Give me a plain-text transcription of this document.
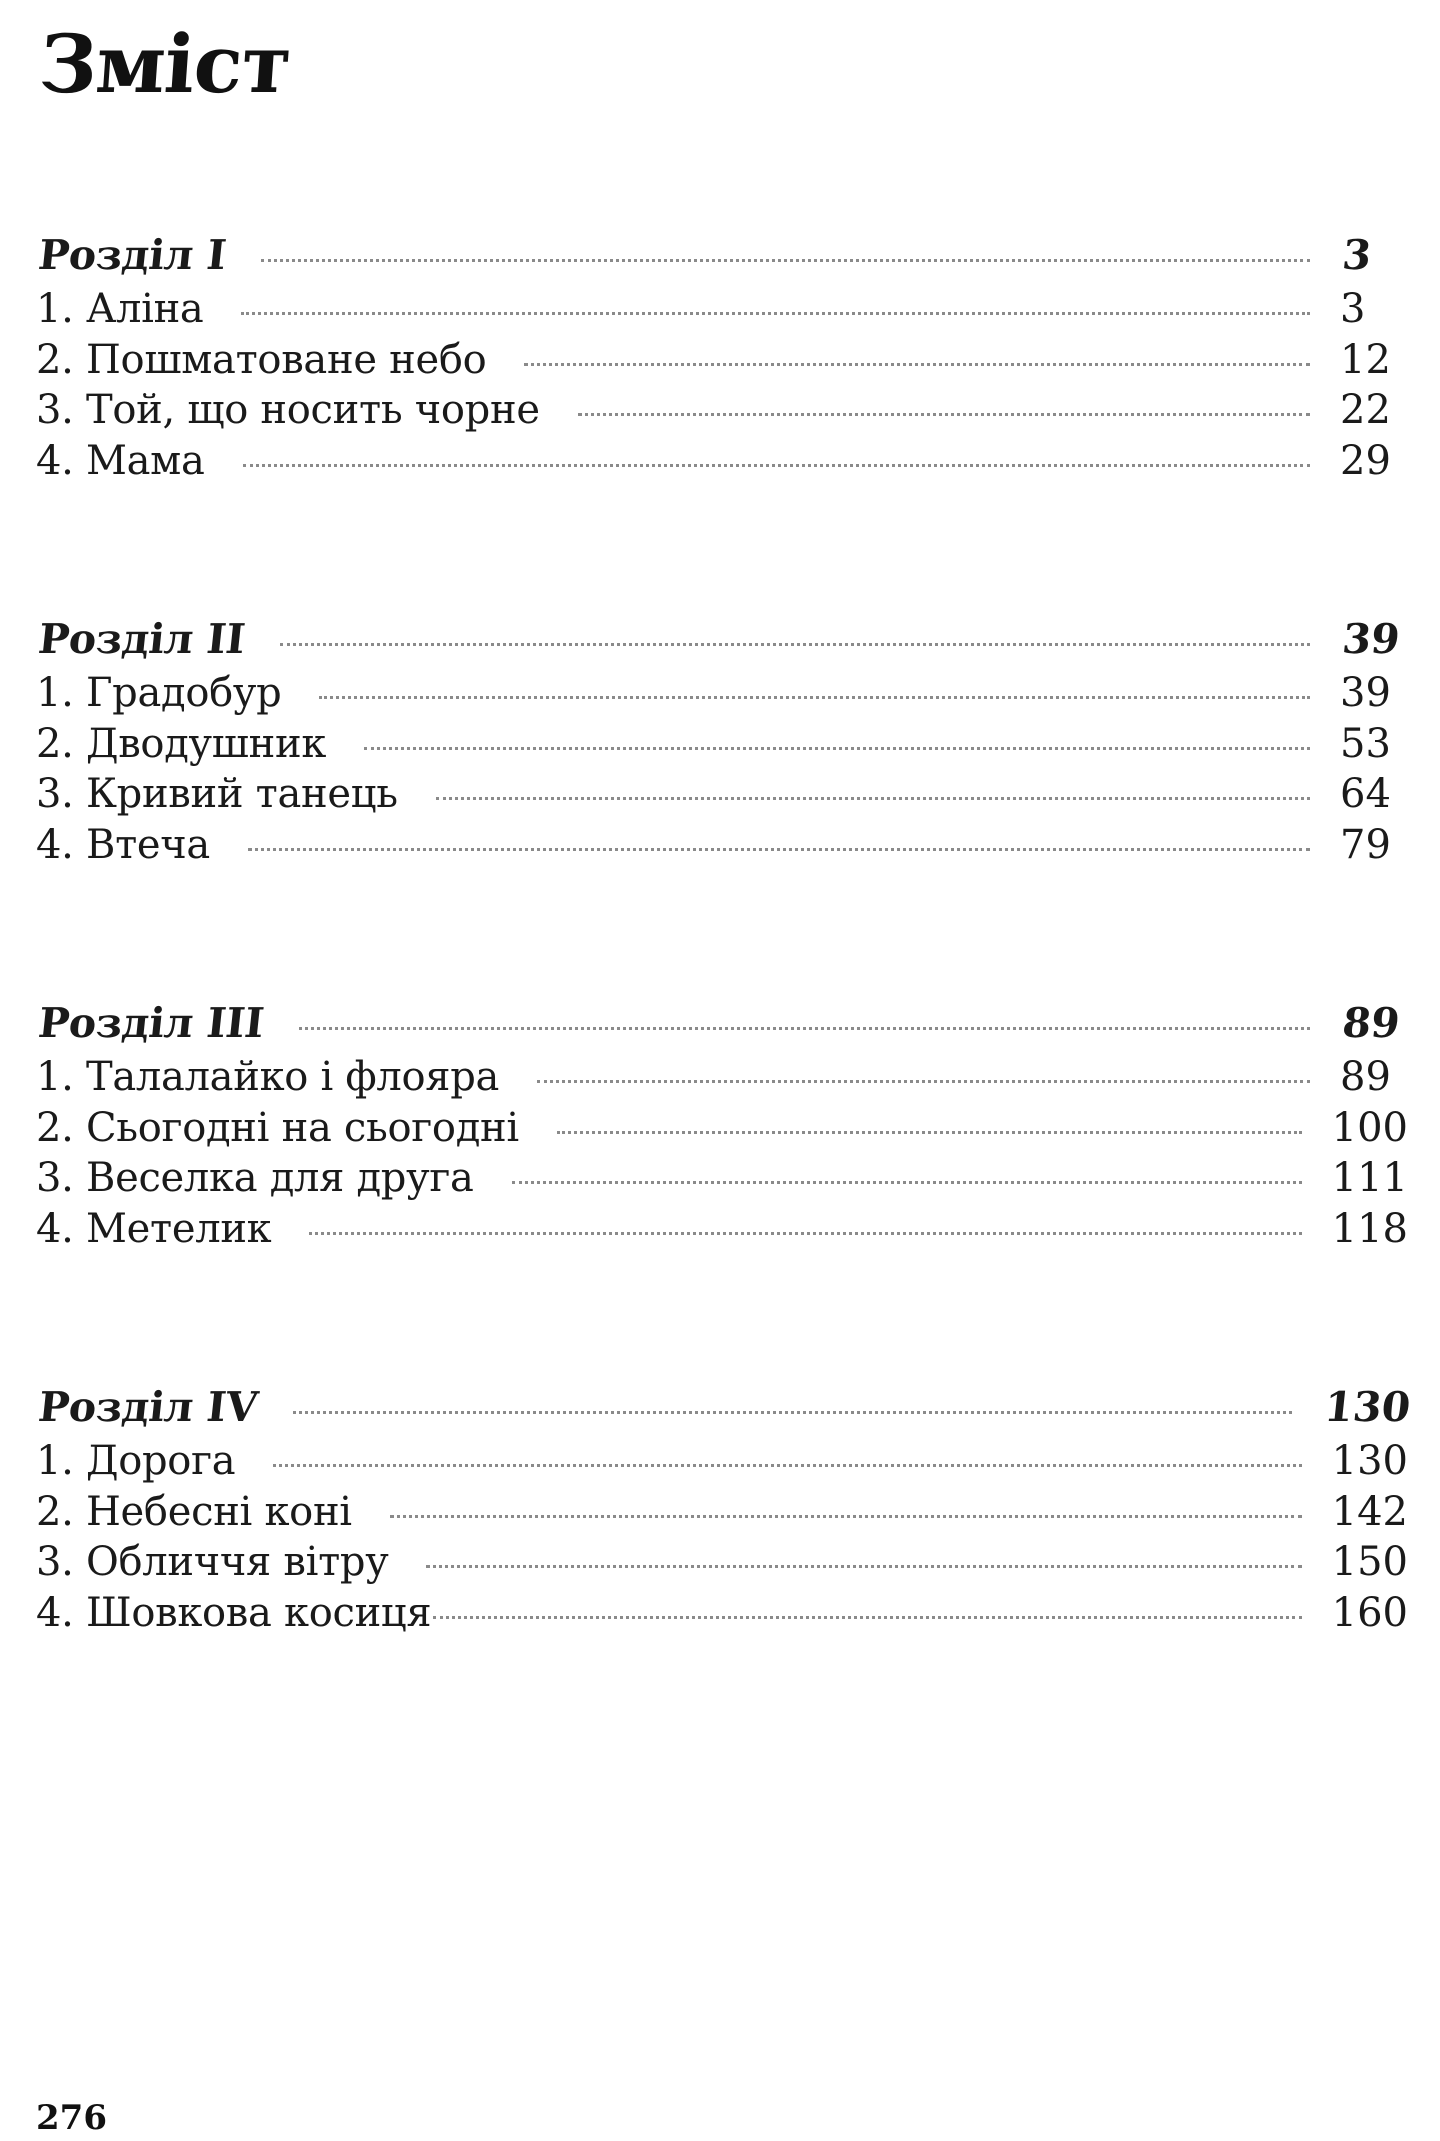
Зміст
Розділ I	3
1. Аліна	3
2. Пошматоване небо	12
3. Той, що носить чорне	22
4. Мама	29
Розділ II	39
1. Градобур	39
2. Дводушник	53
3. Кривий танець	64
4. Втеча	79
Розділ III	89
1. Талалайко і флояра	89
2. Сьогодні на сьогодні	100
3. Веселка для друга	111
4. Метелик	118
Розділ IV	130
1. Дорога	130
2. Небесні коні	142
3. Обличчя вітру	150
4. Шовкова косиця	160
276
